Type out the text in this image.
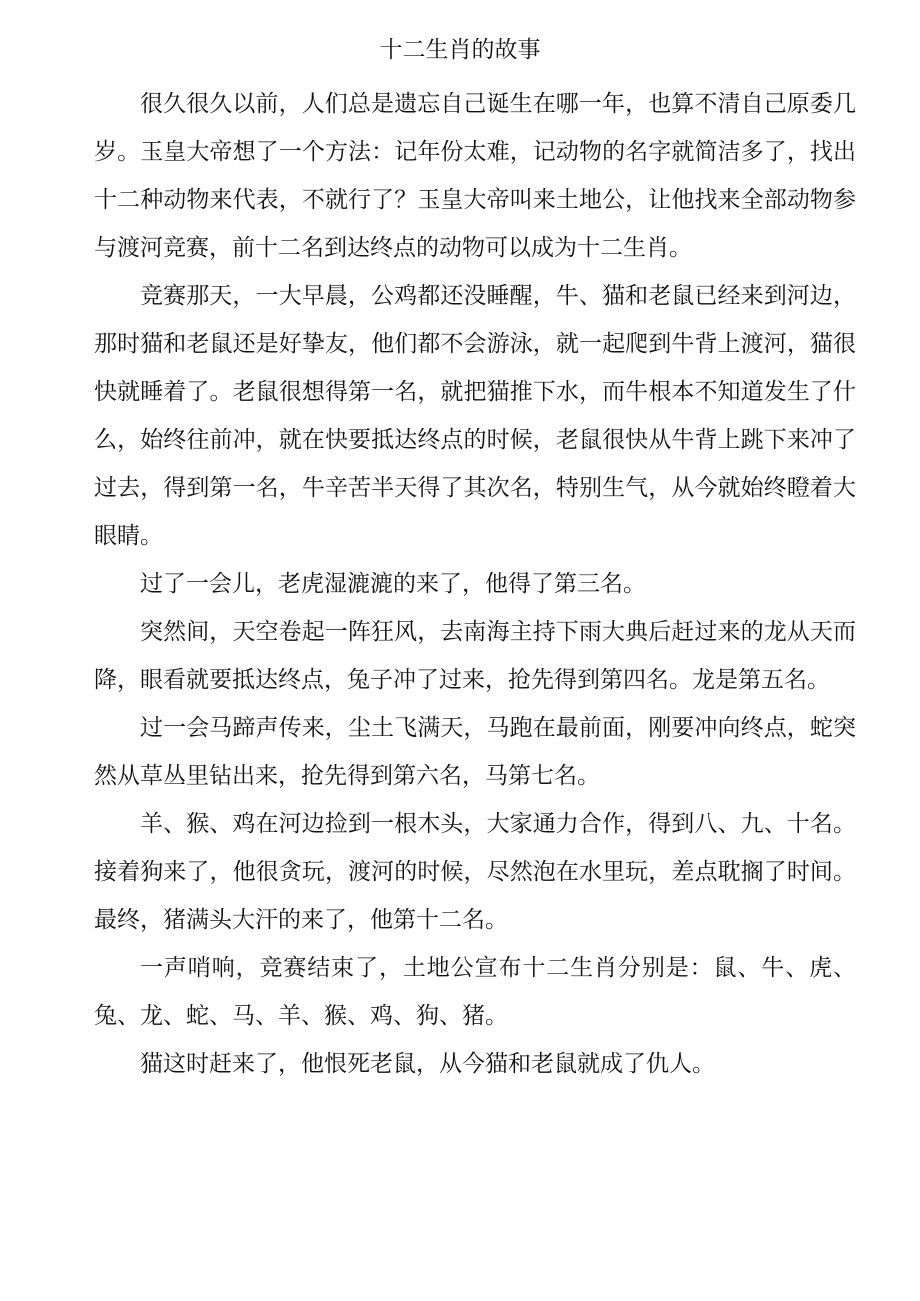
十二生肖的故事

很久很久以前，人们总是遗忘自己诞生在哪一年，也算不清自己原委几岁。玉皇大帝想了一个方法：记年份太难，记动物的名字就简洁多了，找出十二种动物来代表，不就行了？玉皇大帝叫来土地公，让他找来全部动物参与渡河竞赛，前十二名到达终点的动物可以成为十二生肖。

竞赛那天，一大早晨，公鸡都还没睡醒，牛、猫和老鼠已经来到河边，那时猫和老鼠还是好挚友，他们都不会游泳，就一起爬到牛背上渡河，猫很快就睡着了。老鼠很想得第一名，就把猫推下水，而牛根本不知道发生了什么，始终往前冲，就在快要抵达终点的时候，老鼠很快从牛背上跳下来冲了过去，得到第一名，牛辛苦半天得了其次名，特别生气，从今就始终瞪着大眼睛。

过了一会儿，老虎湿漉漉的来了，他得了第三名。

突然间，天空卷起一阵狂风，去南海主持下雨大典后赶过来的龙从天而降，眼看就要抵达终点，兔子冲了过来，抢先得到第四名。龙是第五名。

过一会马蹄声传来，尘土飞满天，马跑在最前面，刚要冲向终点，蛇突然从草丛里钻出来，抢先得到第六名，马第七名。

羊、猴、鸡在河边捡到一根木头，大家通力合作，得到八、九、十名。接着狗来了，他很贪玩，渡河的时候，尽然泡在水里玩，差点耽搁了时间。最终，猪满头大汗的来了，他第十二名。

一声哨响，竞赛结束了，土地公宣布十二生肖分别是：鼠、牛、虎、兔、龙、蛇、马、羊、猴、鸡、狗、猪。

猫这时赶来了，他恨死老鼠，从今猫和老鼠就成了仇人。
